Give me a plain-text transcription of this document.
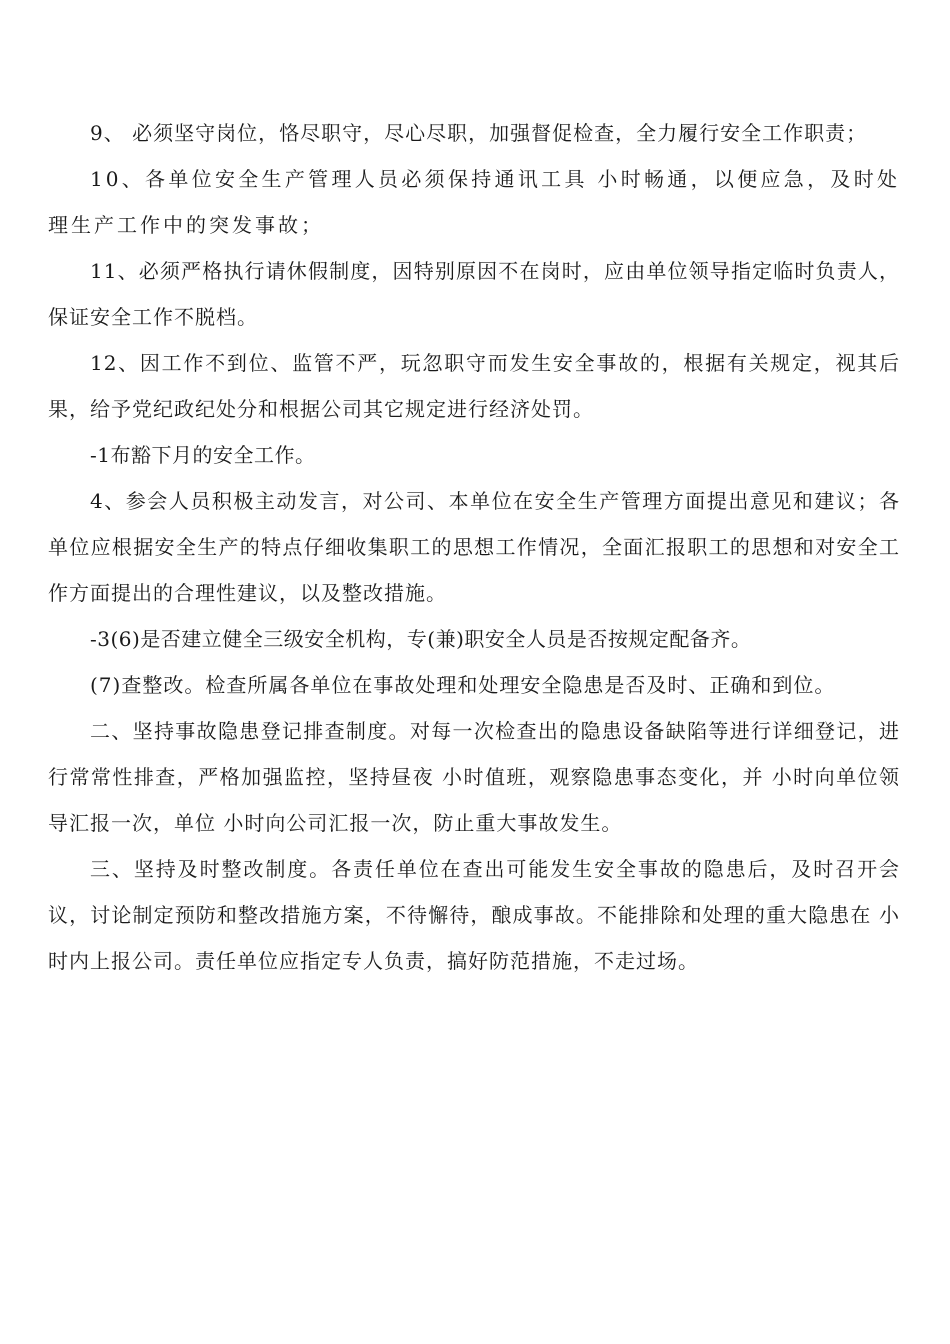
9、 必须坚守岗位，恪尽职守，尽心尽职，加强督促检查，全力履行安全工作职责；

10、各单位安全生产管理人员必须保持通讯工具 小时畅通，以便应急，及时处理生产工作中的突发事故；

11、必须严格执行请休假制度，因特别原因不在岗时，应由单位领导指定临时负责人，保证安全工作不脱档。

12、因工作不到位、监管不严，玩忽职守而发生安全事故的，根据有关规定，视其后果，给予党纪政纪处分和根据公司其它规定进行经济处罚。

-1布豁下月的安全工作。

4、参会人员积极主动发言，对公司、本单位在安全生产管理方面提出意见和建议；各单位应根据安全生产的特点仔细收集职工的思想工作情况，全面汇报职工的思想和对安全工作方面提出的合理性建议，以及整改措施。

-3(6)是否建立健全三级安全机构，专(兼)职安全人员是否按规定配备齐。

(7)查整改。检查所属各单位在事故处理和处理安全隐患是否及时、正确和到位。

二、坚持事故隐患登记排查制度。对每一次检查出的隐患设备缺陷等进行详细登记，进行常常性排查，严格加强监控，坚持昼夜 小时值班，观察隐患事态变化，并 小时向单位领导汇报一次，单位 小时向公司汇报一次，防止重大事故发生。

三、坚持及时整改制度。各责任单位在查出可能发生安全事故的隐患后，及时召开会议，讨论制定预防和整改措施方案，不待懈待，酿成事故。不能排除和处理的重大隐患在 小时内上报公司。责任单位应指定专人负责，搞好防范措施，不走过场。
